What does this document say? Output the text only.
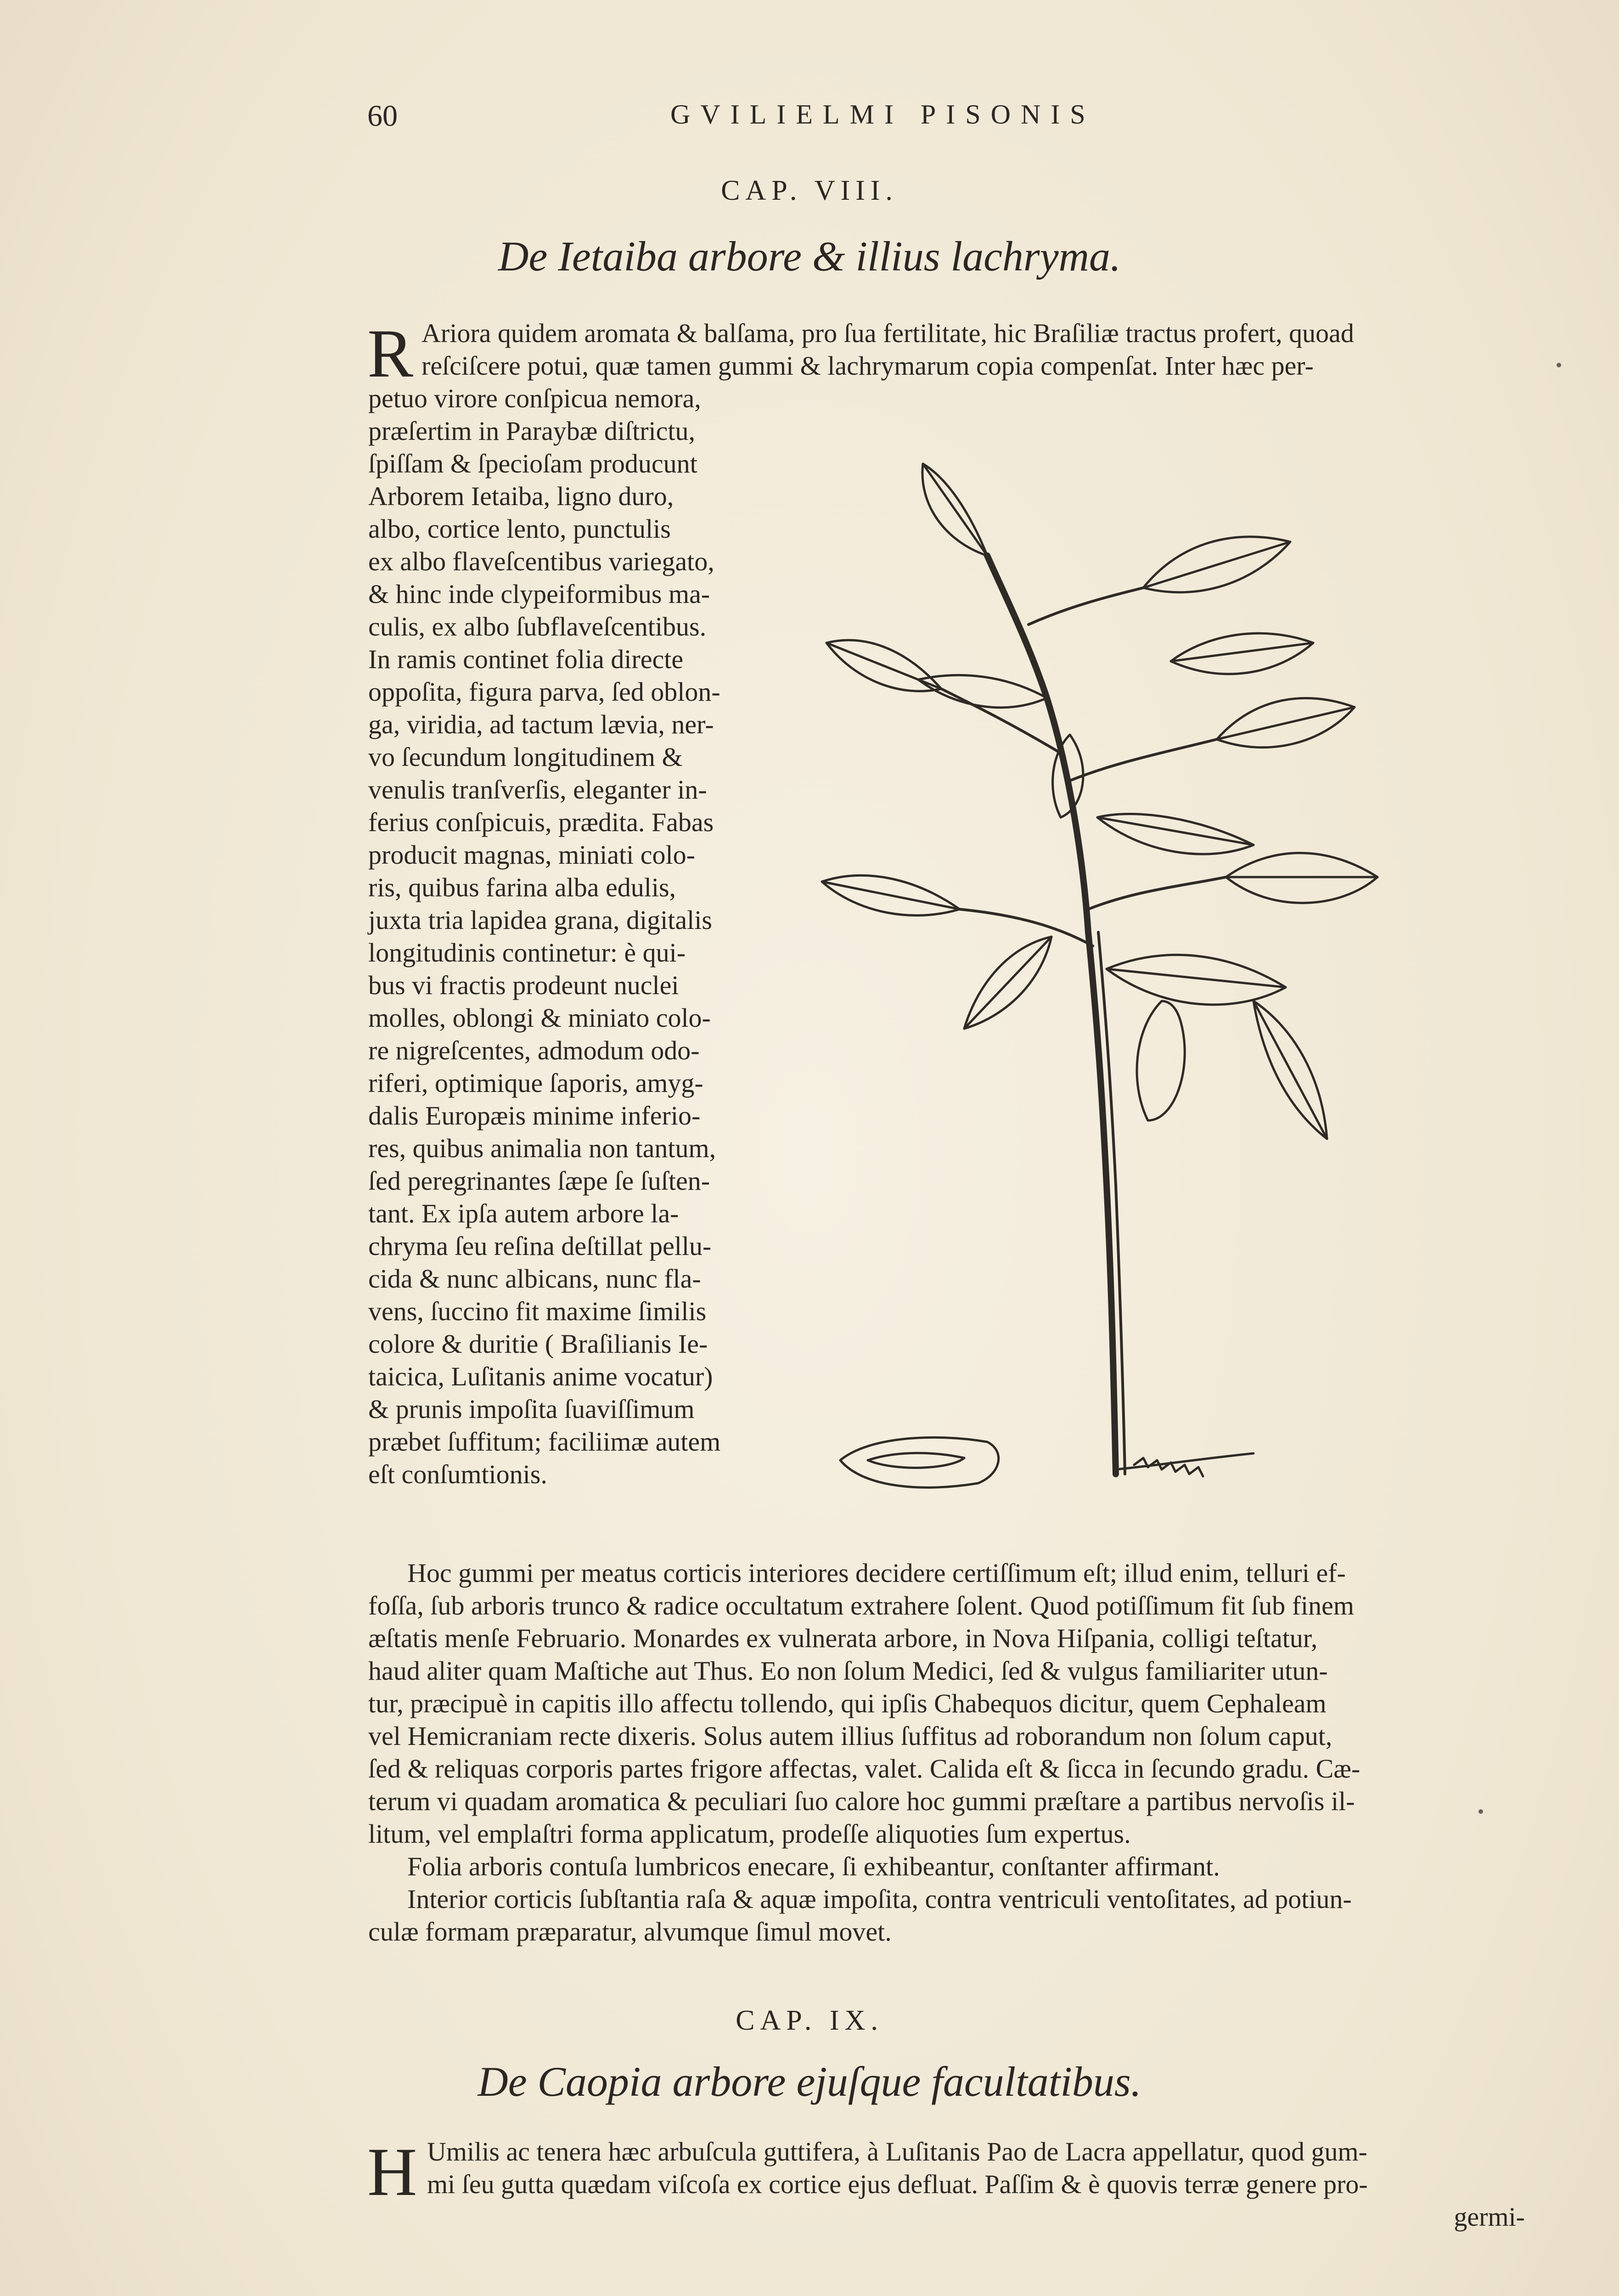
60	GVILIELMI PISONIS
CAP. VIII.
De Ietaiba arbore & illius lachryma.
R Ariora quidem aromata & balſama, pro ſua fertilitate, hic Braſiliæ tractus profert, quoad
reſciſcere potui, quæ tamen gummi & lachrymarum copia compenſat. Inter hæc per-
petuo virore conſpicua nemora,
præſertim in Paraybæ diſtrictu,
ſpiſſam & ſpecioſam producunt
Arborem Ietaiba, ligno duro,
albo, cortice lento, punctulis
ex albo flaveſcentibus variegato,
& hinc inde clypeiformibus ma-
culis, ex albo ſubflaveſcentibus.
In ramis continet folia directe
oppoſita, figura parva, ſed oblon-
ga, viridia, ad tactum lævia, ner-
vo ſecundum longitudinem &
venulis tranſverſis, eleganter in-
ferius conſpicuis, prædita. Fabas
producit magnas, miniati colo-
ris, quibus farina alba edulis,
juxta tria lapidea grana, digitalis
longitudinis continetur: è qui-
bus vi fractis prodeunt nuclei
molles, oblongi & miniato colo-
re nigreſcentes, admodum odo-
riferi, optimique ſaporis, amyg-
dalis Europæis minime inferio-
res, quibus animalia non tantum,
ſed peregrinantes ſæpe ſe ſuſten-
tant. Ex ipſa autem arbore la-
chryma ſeu reſina deſtillat pellu-
cida & nunc albicans, nunc fla-
vens, ſuccino fit maxime ſimilis
colore & duritie ( Braſilianis Ie-
taicica, Luſitanis anime vocatur)
& prunis impoſita ſuaviſſimum
præbet ſuffitum; faciliimæ autem
eſt conſumtionis.
Hoc gummi per meatus corticis interiores decidere certiſſimum eſt; illud enim, telluri ef-
foſſa, ſub arboris trunco & radice occultatum extrahere ſolent. Quod potiſſimum fit ſub finem
æſtatis menſe Februario. Monardes ex vulnerata arbore, in Nova Hiſpania, colligi teſtatur,
haud aliter quam Maſtiche aut Thus. Eo non ſolum Medici, ſed & vulgus familiariter utun-
tur, præcipuè in capitis illo affectu tollendo, qui ipſis Chabequos dicitur, quem Cephaleam
vel Hemicraniam recte dixeris. Solus autem illius ſuffitus ad roborandum non ſolum caput,
ſed & reliquas corporis partes frigore affectas, valet. Calida eſt & ſicca in ſecundo gradu. Cæ-
terum vi quadam aromatica & peculiari ſuo calore hoc gummi præſtare a partibus nervoſis il-
litum, vel emplaſtri forma applicatum, prodeſſe aliquoties ſum expertus.
Folia arboris contuſa lumbricos enecare, ſi exhibeantur, conſtanter affirmant.
Interior corticis ſubſtantia raſa & aquæ impoſita, contra ventriculi ventoſitates, ad potiun-
culæ formam præparatur, alvumque ſimul movet.
CAP. IX.
De Caopia arbore ejuſque facultatibus.
H Umilis ac tenera hæc arbuſcula guttifera, à Luſitanis Pao de Lacra appellatur, quod gum-
mi ſeu gutta quædam viſcoſa ex cortice ejus defluat. Paſſim & è quovis terræ genere pro-
germi-
